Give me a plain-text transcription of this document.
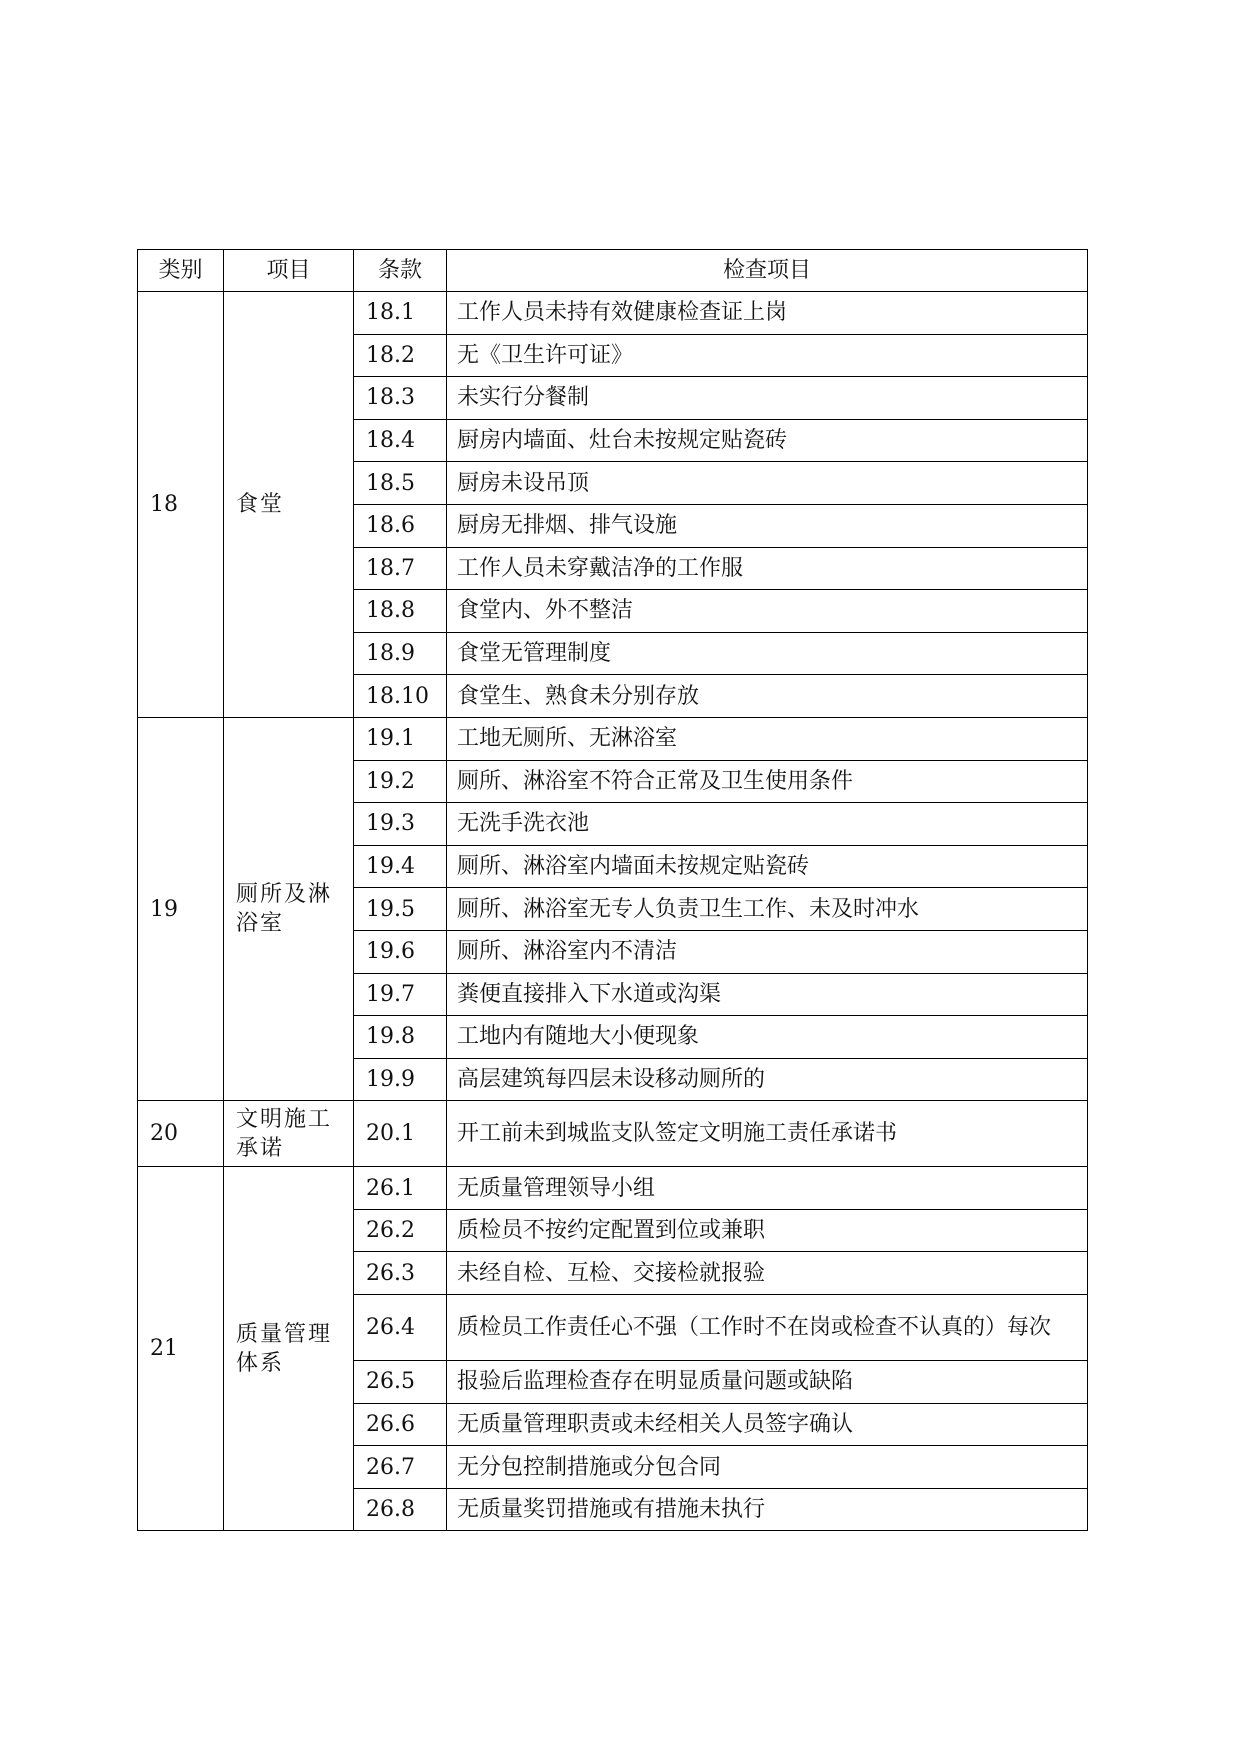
类别	项目	条款	检查项目
18	食堂	18.1	工作人员未持有效健康检查证上岗
		18.2	无《卫生许可证》
		18.3	未实行分餐制
		18.4	厨房内墙面、灶台未按规定贴瓷砖
		18.5	厨房未设吊顶
		18.6	厨房无排烟、排气设施
		18.7	工作人员未穿戴洁净的工作服
		18.8	食堂内、外不整洁
		18.9	食堂无管理制度
		18.10	食堂生、熟食未分别存放
19	厕所及淋浴室	19.1	工地无厕所、无淋浴室
		19.2	厕所、淋浴室不符合正常及卫生使用条件
		19.3	无洗手洗衣池
		19.4	厕所、淋浴室内墙面未按规定贴瓷砖
		19.5	厕所、淋浴室无专人负责卫生工作、未及时冲水
		19.6	厕所、淋浴室内不清洁
		19.7	粪便直接排入下水道或沟渠
		19.8	工地内有随地大小便现象
		19.9	高层建筑每四层未设移动厕所的
20	文明施工承诺	20.1	开工前未到城监支队签定文明施工责任承诺书
21	质量管理体系	26.1	无质量管理领导小组
		26.2	质检员不按约定配置到位或兼职
		26.3	未经自检、互检、交接检就报验
		26.4	质检员工作责任心不强（工作时不在岗或检查不认真的）每次
		26.5	报验后监理检查存在明显质量问题或缺陷
		26.6	无质量管理职责或未经相关人员签字确认
		26.7	无分包控制措施或分包合同
		26.8	无质量奖罚措施或有措施未执行
